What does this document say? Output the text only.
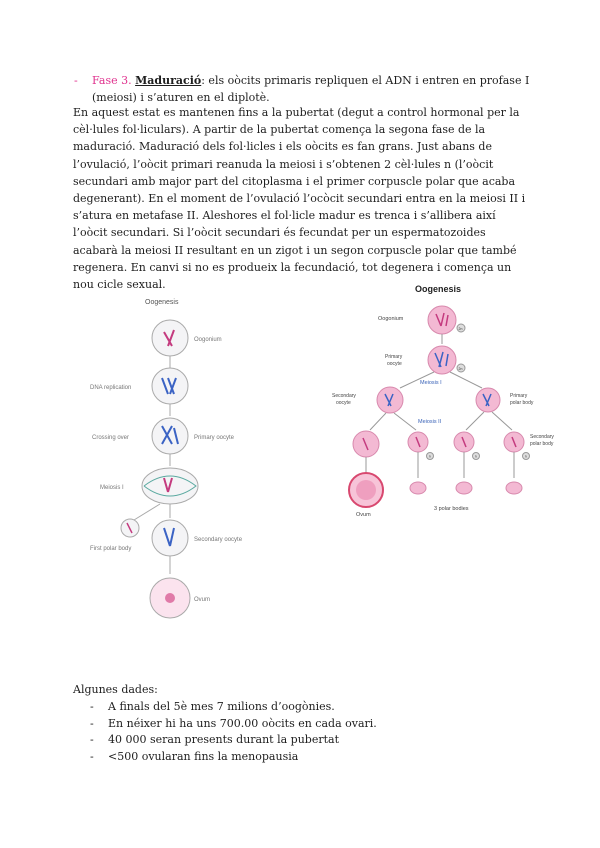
- Fase 3. Maduració: els oòcits primaris repliquen el ADN i entren en profase I (meiosi) i s’aturen en el diplotè.

En aquest estat es mantenen fins a la pubertat (degut a control hormonal per la cèl·lules fol·liculars). A partir de la pubertat comença la segona fase de la maduració. Maduració dels fol·licles i els oòcits es fan grans. Just abans de l’ovulació, l’oòcit primari reanuda la meiosi i s’obtenen 2 cèl·lules n (l’oòcit secundari amb major part del citoplasma i el primer corpuscle polar que acaba degenerant). En el moment de l’ovulació l’ocòcit secundari entra en la meiosi II i s’atura en metafase II. Aleshores el fol·licle madur es trenca i s’allibera així l’oòcit secundari. Si l’oòcit secundari és fecundat per un espermatozoides acabarà la meiosi II resultant en un zigot i un segon corpuscle polar que també regenera. En canvi si no es produeix la fecundació, tot degenera i comença un nou cicle sexual.

Oogenesis
Oogonium
DNA replication
Crossing over	Primary oocyte
Meiosis I
First polar body
Secondary oocyte
Ovum
Oogenesis
Oogonium
2n
Primary
oocyte
2n
Meiosis I
Secondary
oocyte
Primary
polar body
Meiosis II
n	n	n
Secondary
polar body
Ovum
3 polar bodies

Algunes dades:

- A finals del 5è mes 7 milions d’oogònies.
- En néixer hi ha uns 700.00 oòcits en cada ovari.
- 40 000 seran presents durant la pubertat
- <500 ovularan fins la menopausia
